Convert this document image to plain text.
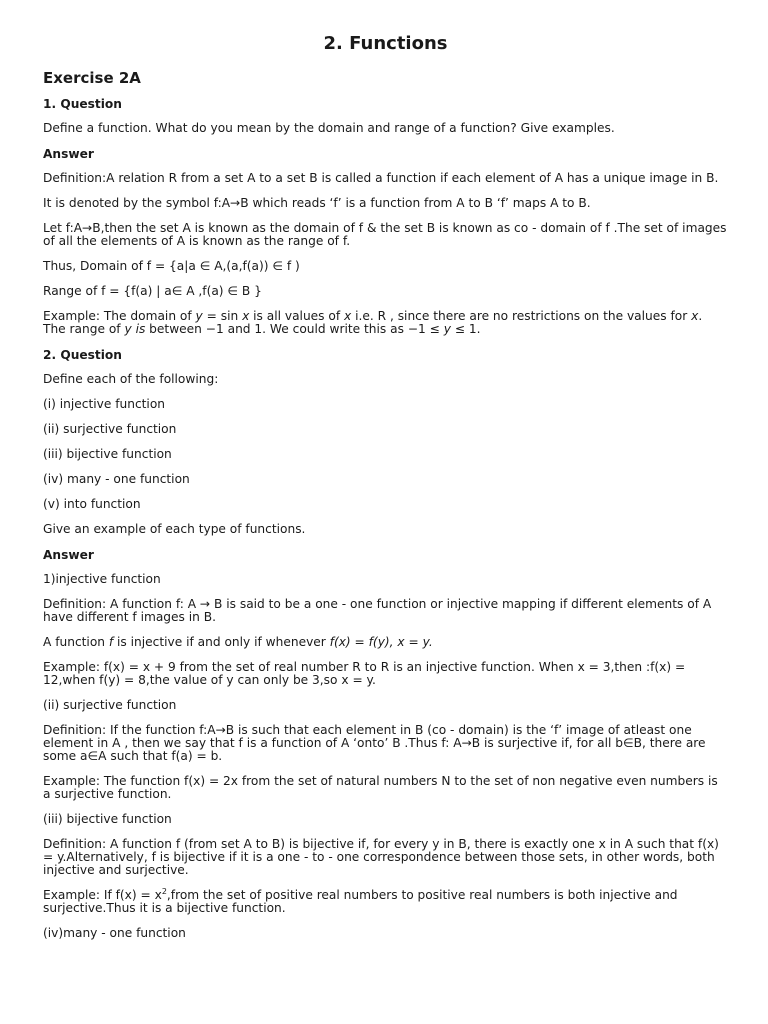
2. Functions
Exercise 2A
1. Question
Define a function. What do you mean by the domain and range of a function? Give examples.
Answer
Definition:A relation R from a set A to a set B is called a function if each element of A has a unique image in B.
It is denoted by the symbol f:A→B which reads ‘f’ is a function from A to B ‘f’ maps A to B.
Let f:A→B,then the set A is known as the domain of f & the set B is known as co - domain of f .The set of images of all the elements of A is known as the range of f.
Thus, Domain of f = {a|a ∈ A,(a,f(a)) ∈ f )
Range of f = {f(a) | a∈ A ,f(a) ∈ B }
Example: The domain of y = sin x is all values of x i.e. R , since there are no restrictions on the values for x. The range of y is between −1 and 1. We could write this as −1 ≤ y ≤ 1.
2. Question
Define each of the following:
(i) injective function
(ii) surjective function
(iii) bijective function
(iv) many - one function
(v) into function
Give an example of each type of functions.
Answer
1)injective function
Definition: A function f: A → B is said to be a one - one function or injective mapping if different elements of A have different f images in B.
A function f is injective if and only if whenever f(x) = f(y), x = y.
Example: f(x) = x + 9 from the set of real number R to R is an injective function. When x = 3,then :f(x) = 12,when f(y) = 8,the value of y can only be 3,so x = y.
(ii) surjective function
Definition: If the function f:A→B is such that each element in B (co - domain) is the ‘f’ image of atleast one element in A , then we say that f is a function of A ‘onto’ B .Thus f: A→B is surjective if, for all b∈B, there are some a∈A such that f(a) = b.
Example: The function f(x) = 2x from the set of natural numbers N to the set of non negative even numbers is a surjective function.
(iii) bijective function
Definition: A function f (from set A to B) is bijective if, for every y in B, there is exactly one x in A such that f(x) = y.Alternatively, f is bijective if it is a one - to - one correspondence between those sets, in other words, both injective and surjective.
Example: If $f(x) = x^2,from$ the set of positive real numbers to positive real numbers is both injective and surjective.Thus it is a bijective function.
(iv)many - one function
